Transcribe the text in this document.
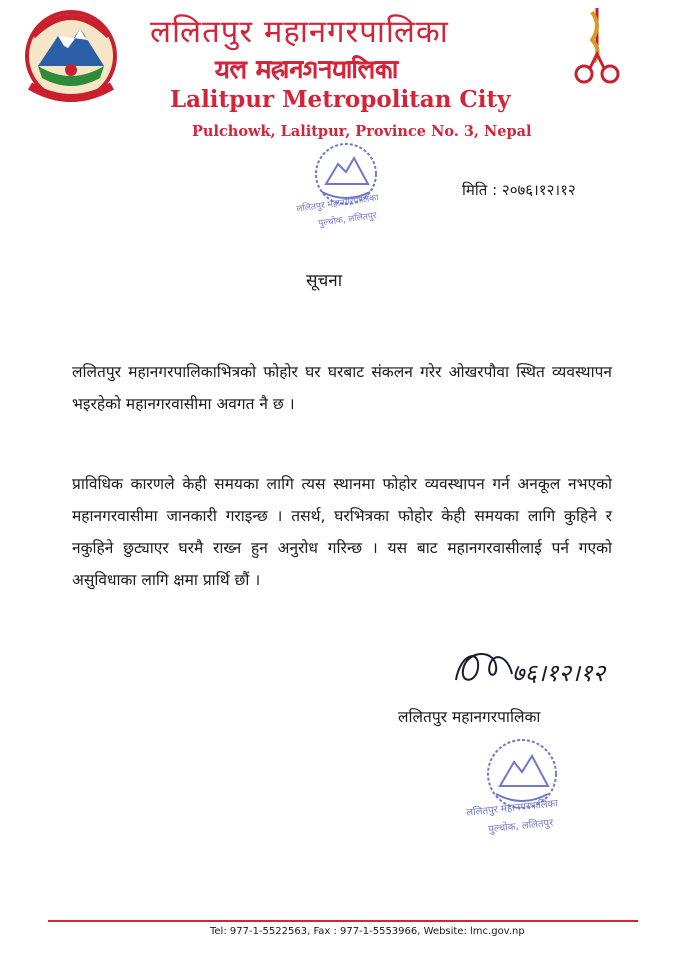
ललितपुर महानगरपालिका
𑐫𑐮 𑐩𑐴𑐵𑐣𑐐𑐬𑐥𑐵𑐮𑐶𑐎𑐵
Lalitpur Metropolitan City
Pulchowk, Lalitpur, Province No. 3, Nepal
ललितपुर महानगरपालिका
पुल्चोक, ललितपुर
मिति : २०७६।१२।१२
सूचना
ललितपुर महानगरपालिकाभित्रको फोहोर घर घरबाट संकलन गरेर ओखरपौवा स्थित व्यवस्थापन भइरहेको महानगरवासीमा अवगत नै छ ।
प्राविधिक कारणले केही समयका लागि त्यस स्थानमा फोहोर व्यवस्थापन गर्न अनकूल नभएको महानगरवासीमा जानकारी गराइन्छ । तसर्थ, घरभित्रका फोहोर केही समयका लागि कुहिने र नकुहिने छुट्याएर घरमै राख्न हुन अनुरोध गरिन्छ । यस बाट महानगरवासीलाई पर्न गएको असुविधाका लागि क्षमा प्रार्थि छौं ।
७६।१२।१२
ललितपुर महानगरपालिका
ललितपुर महानगरपालिका
पुल्चोक, ललितपुर
Tel: 977-1-5522563, Fax : 977-1-5553966, Website: lmc.gov.np
